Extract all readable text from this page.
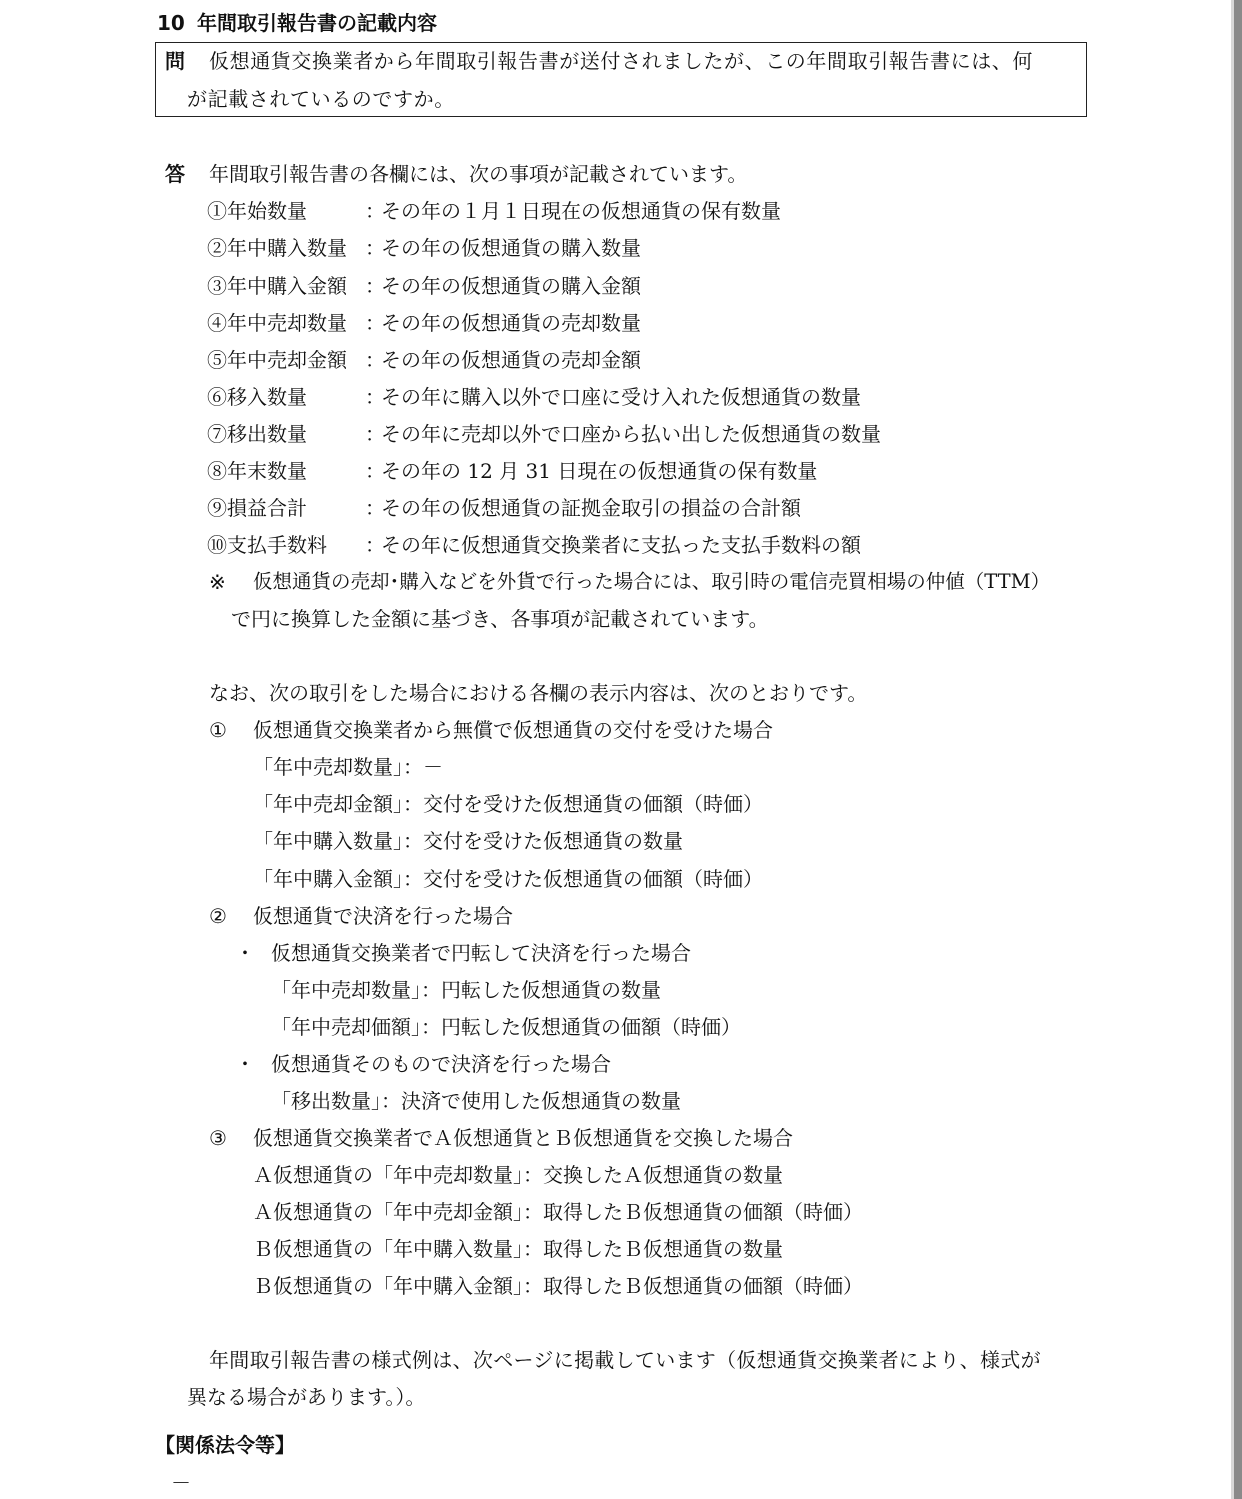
10 年間取引報告書の記載内容
問 仮想通貨交換業者から年間取引報告書が送付されましたが、この年間取引報告書には、何
が記載されているのですか。
答 年間取引報告書の各欄には、次の事項が記載されています。
①年始数量	：その年の１月１日現在の仮想通貨の保有数量
②年中購入数量 ：その年の仮想通貨の購入数量
③年中購入金額 ：その年の仮想通貨の購入金額
④年中売却数量 ：その年の仮想通貨の売却数量
⑤年中売却金額 ：その年の仮想通貨の売却金額
⑥移入数量	：その年に購入以外で口座に受け入れた仮想通貨の数量
⑦移出数量	：その年に売却以外で口座から払い出した仮想通貨の数量
⑧年末数量	：その年の 12 月 31 日現在の仮想通貨の保有数量
⑨損益合計	：その年の仮想通貨の証拠金取引の損益の合計額
⑩支払手数料 ：その年に仮想通貨交換業者に支払った支払手数料の額
※ 仮想通貨の売却･購入などを外貨で行った場合には、取引時の電信売買相場の仲値（TTM）
で円に換算した金額に基づき、各事項が記載されています。
なお、次の取引をした場合における各欄の表示内容は、次のとおりです。
① 仮想通貨交換業者から無償で仮想通貨の交付を受けた場合
「年中売却数量」：－
「年中売却金額」：交付を受けた仮想通貨の価額（時価）
「年中購入数量」：交付を受けた仮想通貨の数量
「年中購入金額」：交付を受けた仮想通貨の価額（時価）
② 仮想通貨で決済を行った場合
・ 仮想通貨交換業者で円転して決済を行った場合
「年中売却数量」：円転した仮想通貨の数量
「年中売却価額」：円転した仮想通貨の価額（時価）
・ 仮想通貨そのもので決済を行った場合
「移出数量」：決済で使用した仮想通貨の数量
③ 仮想通貨交換業者でＡ仮想通貨とＢ仮想通貨を交換した場合
Ａ仮想通貨の「年中売却数量」：交換したＡ仮想通貨の数量
Ａ仮想通貨の「年中売却金額」：取得したＢ仮想通貨の価額（時価）
Ｂ仮想通貨の「年中購入数量」：取得したＢ仮想通貨の数量
Ｂ仮想通貨の「年中購入金額」：取得したＢ仮想通貨の価額（時価）
年間取引報告書の様式例は、次ページに掲載しています（仮想通貨交換業者により、様式が
異なる場合があります。）。
【関係法令等】
－
